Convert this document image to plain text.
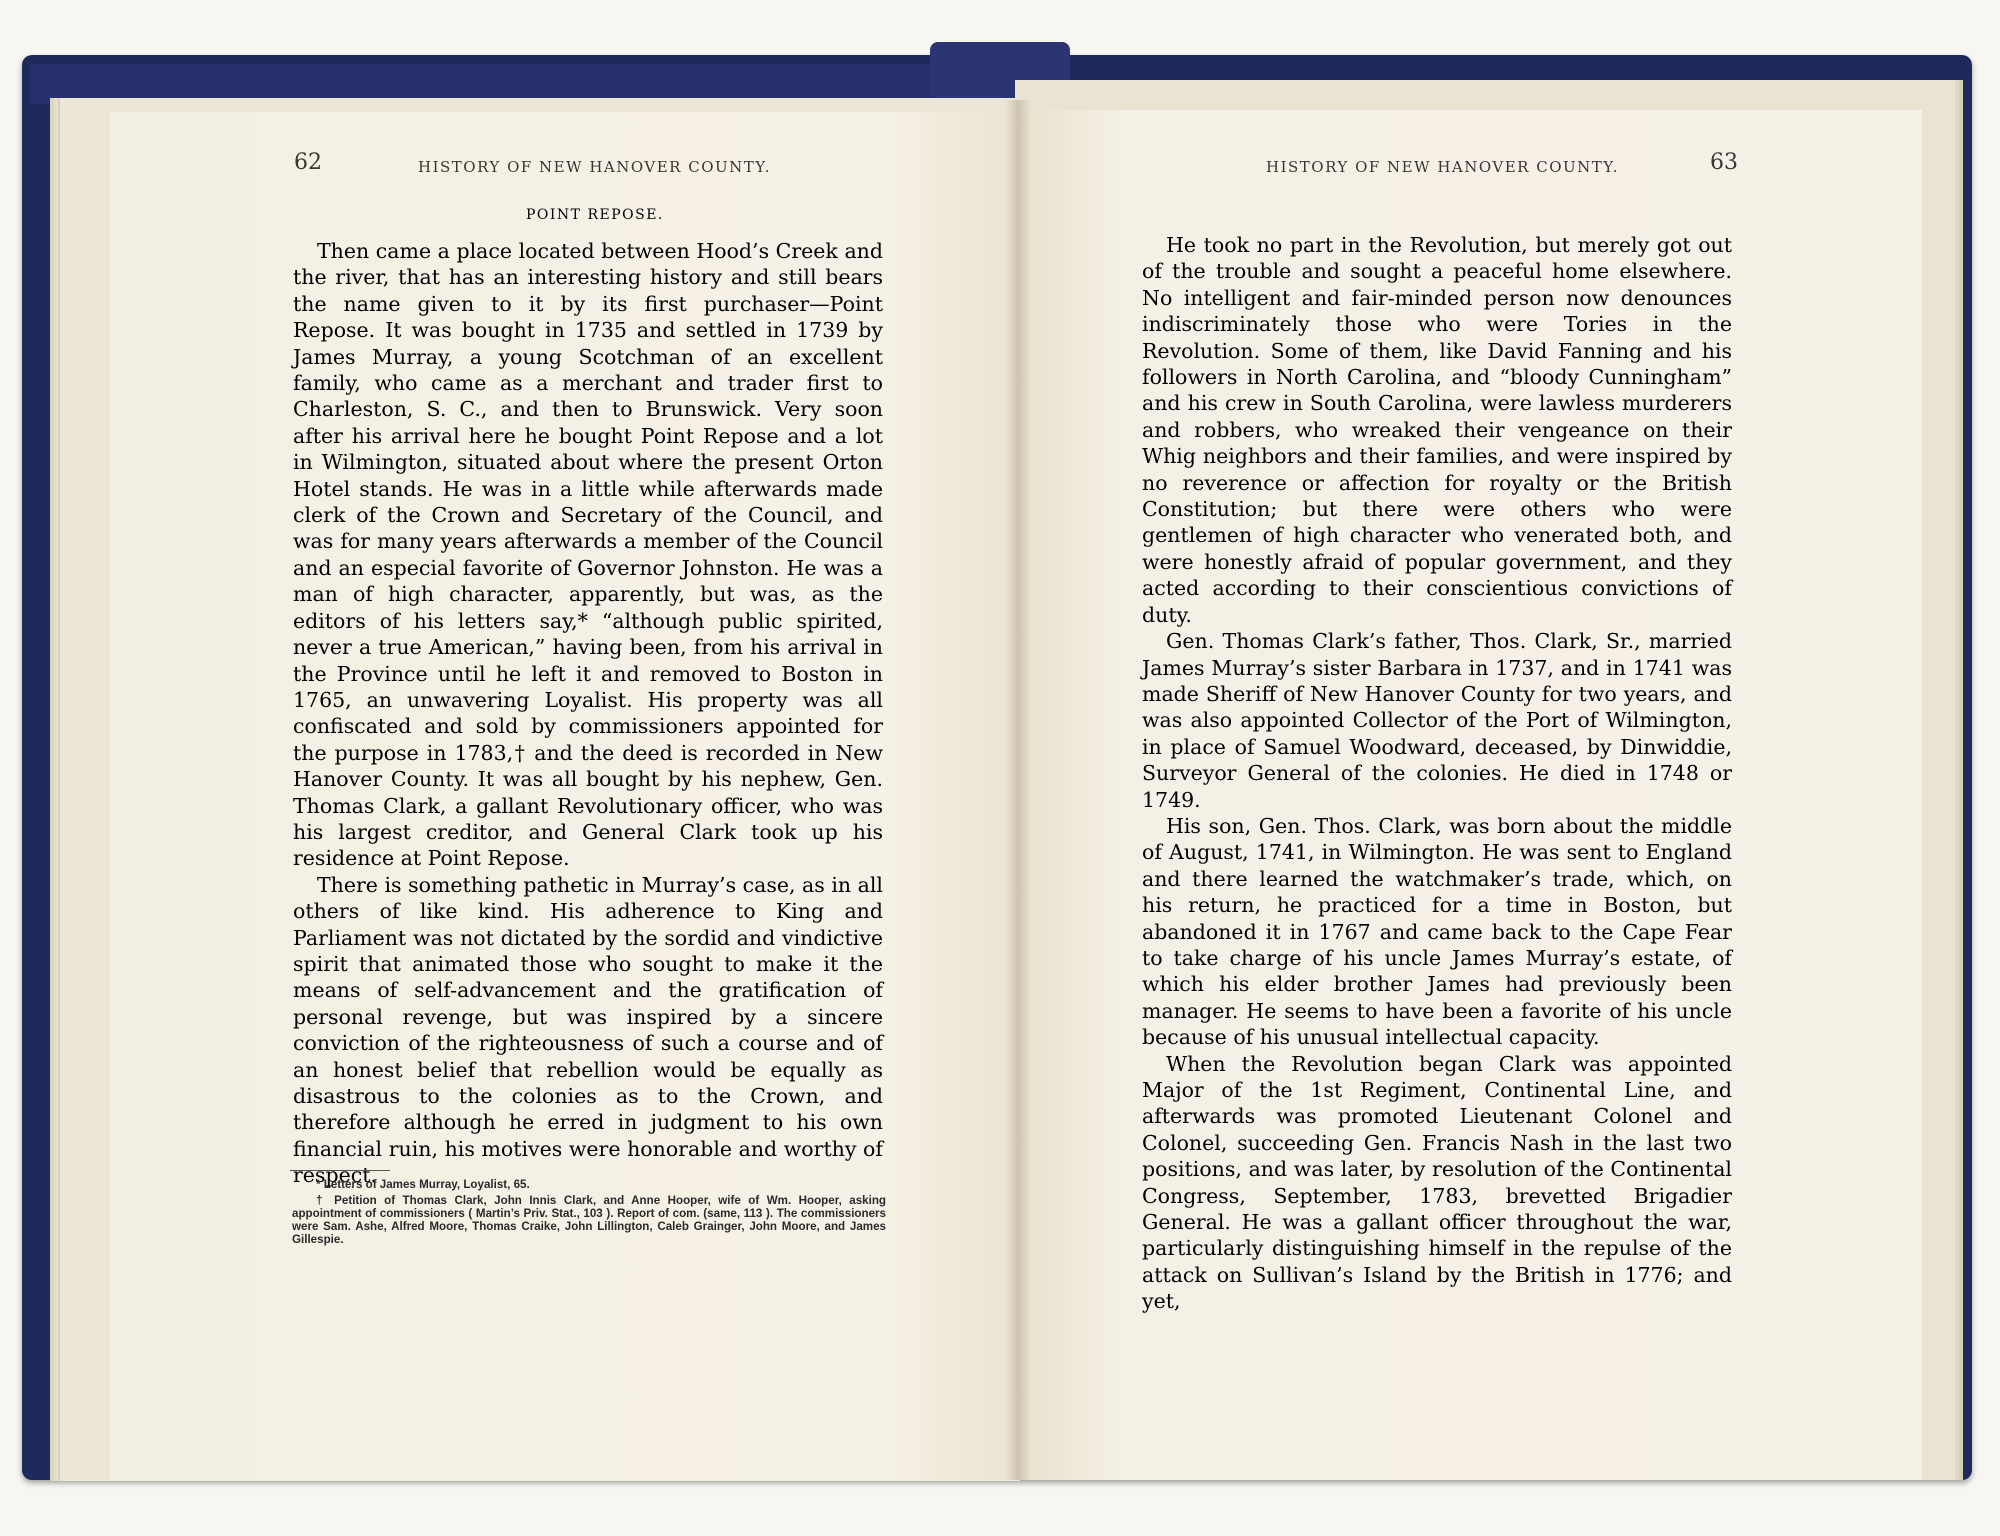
62	HISTORY OF NEW HANOVER COUNTY.
POINT REPOSE.

Then came a place located between Hood’s Creek and the river, that has an interesting history and still bears the name given to it by its first purchaser—Point Repose. It was bought in 1735 and settled in 1739 by James Murray, a young Scotchman of an excellent family, who came as a merchant and trader first to Charleston, S. C., and then to Brunswick. Very soon after his arrival here he bought Point Repose and a lot in Wilmington, situated about where the present Orton Hotel stands. He was in a little while afterwards made clerk of the Crown and Secretary of the Council, and was for many years afterwards a member of the Council and an especial favorite of Governor Johnston. He was a man of high character, apparently, but was, as the editors of his letters say,* “although public spirited, never a true American,” having been, from his arrival in the Province until he left it and removed to Boston in 1765, an unwavering Loyalist. His property was all confiscated and sold by commissioners appointed for the purpose in 1783,† and the deed is recorded in New Hanover County. It was all bought by his nephew, Gen. Thomas Clark, a gallant Revolutionary officer, who was his largest creditor, and General Clark took up his residence at Point Repose.

There is something pathetic in Murray’s case, as in all others of like kind. His adherence to King and Parliament was not dictated by the sordid and vindictive spirit that animated those who sought to make it the means of self-advancement and the gratification of personal revenge, but was inspired by a sincere conviction of the righteousness of such a course and of an honest belief that rebellion would be equally as disastrous to the colonies as to the Crown, and therefore although he erred in judgment to his own financial ruin, his motives were honorable and worthy of respect.

* Letters of James Murray, Loyalist, 65.

† Petition of Thomas Clark, John Innis Clark, and Anne Hooper, wife of Wm. Hooper, asking appointment of commissioners ( Martin’s Priv. Stat., 103 ). Report of com. (same, 113 ). The commissioners were Sam. Ashe, Alfred Moore, Thomas Craike, John Lillington, Caleb Grainger, John Moore, and James Gillespie.

HISTORY OF NEW HANOVER COUNTY.	63

He took no part in the Revolution, but merely got out of the trouble and sought a peaceful home elsewhere. No intelligent and fair-minded person now denounces indiscriminately those who were Tories in the Revolution. Some of them, like David Fanning and his followers in North Carolina, and “bloody Cunningham” and his crew in South Carolina, were lawless murderers and robbers, who wreaked their vengeance on their Whig neighbors and their families, and were inspired by no reverence or affection for royalty or the British Constitution; but there were others who were gentlemen of high character who venerated both, and were honestly afraid of popular government, and they acted according to their conscientious convictions of duty.

Gen. Thomas Clark’s father, Thos. Clark, Sr., married James Murray’s sister Barbara in 1737, and in 1741 was made Sheriff of New Hanover County for two years, and was also appointed Collector of the Port of Wilmington, in place of Samuel Woodward, deceased, by Dinwiddie, Surveyor General of the colonies. He died in 1748 or 1749.

His son, Gen. Thos. Clark, was born about the middle of August, 1741, in Wilmington. He was sent to England and there learned the watchmaker’s trade, which, on his return, he practiced for a time in Boston, but abandoned it in 1767 and came back to the Cape Fear to take charge of his uncle James Murray’s estate, of which his elder brother James had previously been manager. He seems to have been a favorite of his uncle because of his unusual intellectual capacity.

When the Revolution began Clark was appointed Major of the 1st Regiment, Continental Line, and afterwards was promoted Lieutenant Colonel and Colonel, succeeding Gen. Francis Nash in the last two positions, and was later, by resolution of the Continental Congress, September, 1783, brevetted Brigadier General. He was a gallant officer throughout the war, particularly distinguishing himself in the repulse of the attack on Sullivan’s Island by the British in 1776; and yet,
